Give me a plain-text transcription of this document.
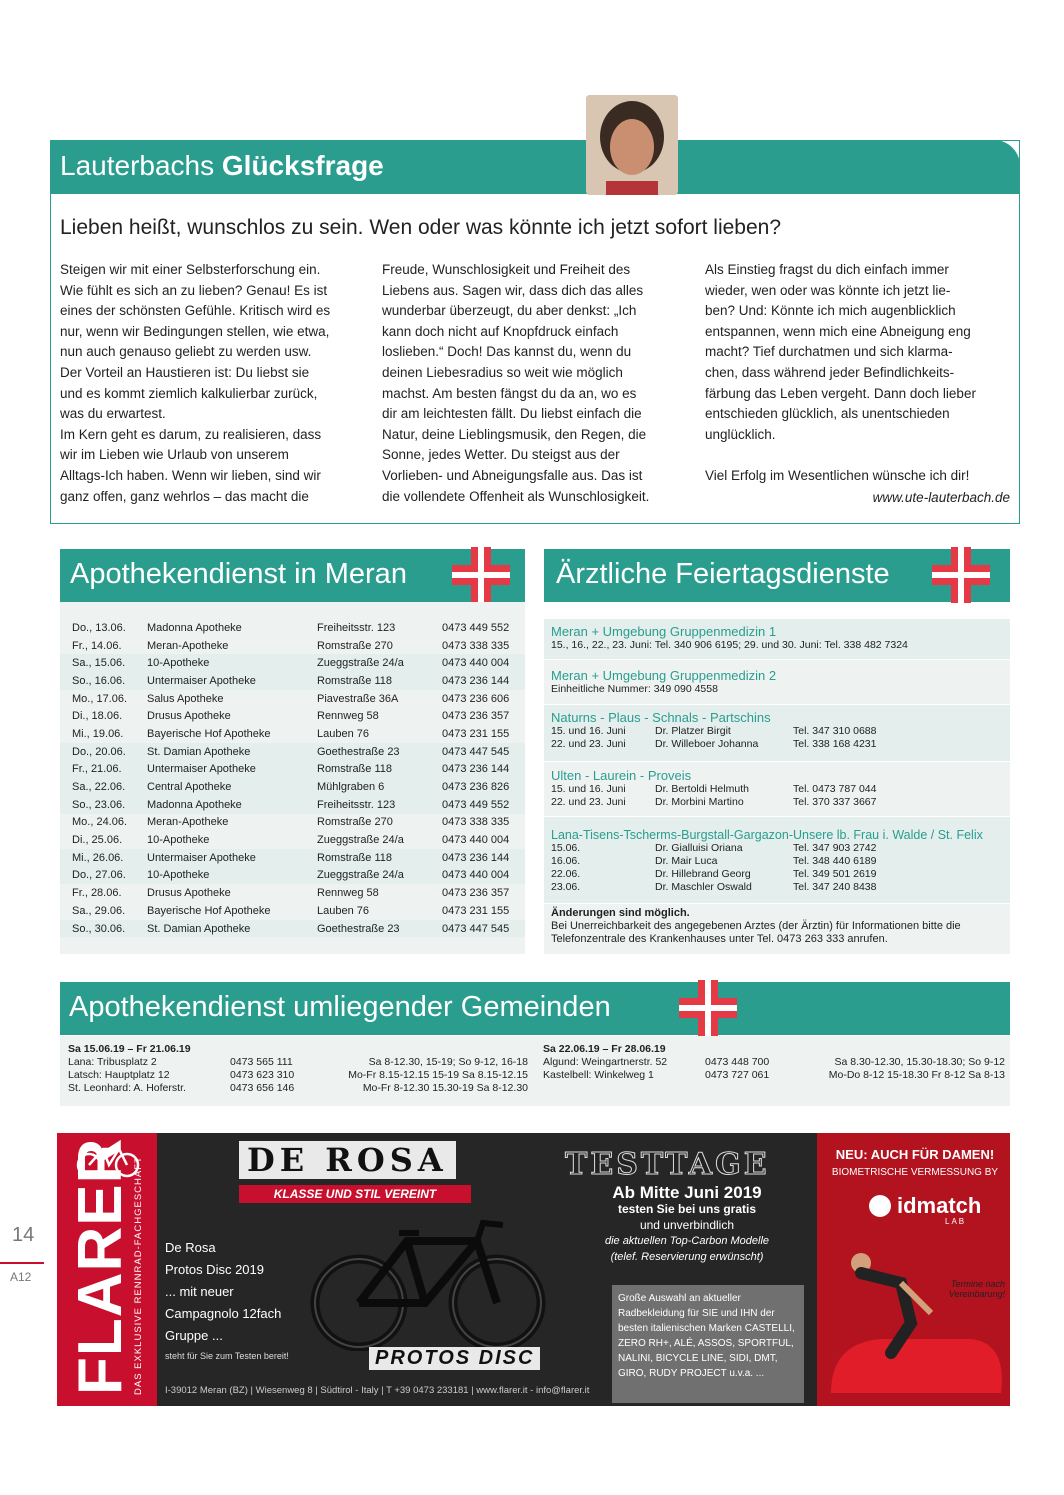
Lauterbachs Glücksfrage
Lieben heißt, wunschlos zu sein. Wen oder was könnte ich jetzt sofort lieben?

Steigen wir mit einer Selbsterforschung ein.

Wie fühlt es sich an zu lieben? Genau! Es ist

eines der schönsten Gefühle. Kritisch wird es

nur, wenn wir Bedingungen stellen, wie etwa,

nun auch genauso geliebt zu werden usw.

Der Vorteil an Haustieren ist: Du liebst sie

und es kommt ziemlich kalkulierbar zurück,

was du erwartest.

Im Kern geht es darum, zu realisieren, dass

wir im Lieben wie Urlaub von unserem

Alltags-Ich haben. Wenn wir lieben, sind wir

ganz offen, ganz wehrlos – das macht die

Freude, Wunschlosigkeit und Freiheit des

Liebens aus. Sagen wir, dass dich das alles

wunderbar überzeugt, du aber denkst: „Ich

kann doch nicht auf Knopfdruck einfach

loslieben.“ Doch! Das kannst du, wenn du

deinen Liebesradius so weit wie möglich

machst. Am besten fängst du da an, wo es

dir am leichtesten fällt. Du liebst einfach die

Natur, deine Lieblingsmusik, den Regen, die

Sonne, jedes Wetter. Du steigst aus der

Vorlieben- und Abneigungsfalle aus. Das ist

die vollendete Offenheit als Wunschlosigkeit.

Als Einstieg fragst du dich einfach immer

wieder, wen oder was könnte ich jetzt lie-

ben? Und: Könnte ich mich augenblicklich

entspannen, wenn mich eine Abneigung eng

macht? Tief durchatmen und sich klarma-

chen, dass während jeder Befindlichkeits-

färbung das Leben vergeht. Dann doch lieber

entschieden glücklich, als unentschieden

unglücklich.

Viel Erfolg im Wesentlichen wünsche ich dir!

www.ute-lauterbach.de
Apothekendienst in Meran
Do., 13.06.	Madonna Apotheke	Freiheitsstr. 123	0473 449 552
Fr., 14.06.	Meran-Apotheke	Romstraße 270	0473 338 335
Sa., 15.06.	10-Apotheke	Zueggstraße 24/a	0473 440 004
So., 16.06.	Untermaiser Apotheke	Romstraße 118	0473 236 144
Mo., 17.06.	Salus Apotheke	Piavestraße 36A	0473 236 606
Di., 18.06.	Drusus Apotheke	Rennweg 58	0473 236 357
Mi., 19.06.	Bayerische Hof Apotheke	Lauben 76	0473 231 155
Do., 20.06.	St. Damian Apotheke	Goethestraße 23	0473 447 545
Fr., 21.06.	Untermaiser Apotheke	Romstraße 118	0473 236 144
Sa., 22.06.	Central Apotheke	Mühlgraben 6	0473 236 826
So., 23.06.	Madonna Apotheke	Freiheitsstr. 123	0473 449 552
Mo., 24.06.	Meran-Apotheke	Romstraße 270	0473 338 335
Di., 25.06.	10-Apotheke	Zueggstraße 24/a	0473 440 004
Mi., 26.06.	Untermaiser Apotheke	Romstraße 118	0473 236 144
Do., 27.06.	10-Apotheke	Zueggstraße 24/a	0473 440 004
Fr., 28.06.	Drusus Apotheke	Rennweg 58	0473 236 357
Sa., 29.06.	Bayerische Hof Apotheke	Lauben 76	0473 231 155
So., 30.06.	St. Damian Apotheke	Goethestraße 23	0473 447 545
Ärztliche Feiertagsdienste
Meran + Umgebung Gruppenmedizin 1
15., 16., 22., 23. Juni: Tel. 340 906 6195; 29. und 30. Juni: Tel. 338 482 7324
Meran + Umgebung Gruppenmedizin 2
Einheitliche Nummer: 349 090 4558
Naturns - Plaus - Schnals - Partschins
15. und 16. Juni	Dr. Platzer Birgit	Tel. 347 310 0688
22. und 23. Juni	Dr. Willeboer Johanna	Tel. 338 168 4231
Ulten - Laurein - Proveis
15. und 16. Juni	Dr. Bertoldi Helmuth	Tel. 0473 787 044
22. und 23. Juni	Dr. Morbini Martino	Tel. 370 337 3667
Lana-Tisens-Tscherms-Burgstall-Gargazon-Unsere lb. Frau i. Walde / St. Felix
15.06.	Dr. Gialluisi Oriana	Tel. 347 903 2742
16.06.	Dr. Mair Luca	Tel. 348 440 6189
22.06.	Dr. Hillebrand Georg	Tel. 349 501 2619
23.06.	Dr. Maschler Oswald	Tel. 347 240 8438
Änderungen sind möglich.
Bei Unerreichbarkeit des angegebenen Arztes (der Ärztin) für Informationen bitte die Telefonzentrale des Krankenhauses unter Tel. 0473 263 333 anrufen.
Apothekendienst umliegender Gemeinden
Sa 15.06.19 – Fr 21.06.19
Lana: Tribusplatz 2	0473 565 111	Sa 8-12.30, 15-19; So 9-12, 16-18
Latsch: Hauptplatz 12	0473 623 310	Mo-Fr 8.15-12.15 15-19 Sa 8.15-12.15
St. Leonhard: A. Hoferstr.	0473 656 146	Mo-Fr 8-12.30 15.30-19 Sa 8-12.30
Sa 22.06.19 – Fr 28.06.19
Algund: Weingartnerstr. 52	0473 448 700	Sa 8.30-12.30, 15.30-18.30; So 9-12
Kastelbell: Winkelweg 1	0473 727 061	Mo-Do 8-12 15-18.30 Fr 8-12 Sa 8-13
FLARER
DAS EXKLUSIVE RENNRAD-FACHGESCHÄFT	DE ROSA
KLASSE UND STIL VEREINT
De Rosa
Protos Disc 2019
... mit neuer
Campagnolo 12fach
Gruppe ...
steht für Sie zum Testen bereit!	PROTOS DISC
TESTTAGE
Ab Mitte Juni 2019
testen Sie bei uns gratis
und unverbindlich
die aktuellen Top-Carbon Modelle
(telef. Reservierung erwünscht)
Große Auswahl an aktueller Radbekleidung für SIE und IHN der besten italienischen Marken CASTELLI, ZERO RH+, ALÉ, ASSOS, SPORTFUL, NALINI, BICYCLE LINE, SIDI, DMT, GIRO, RUDY PROJECT u.v.a. ...
I-39012 Meran (BZ) | Wiesenweg 8 | Südtirol - Italy | T +39 0473 233181 | www.flarer.it - info@flarer.it
NEU: AUCH FÜR DAMEN!
BIOMETRISCHE VERMESSUNG BY
idmatch
LAB
Termine nach Vereinbarung!
14
A12
